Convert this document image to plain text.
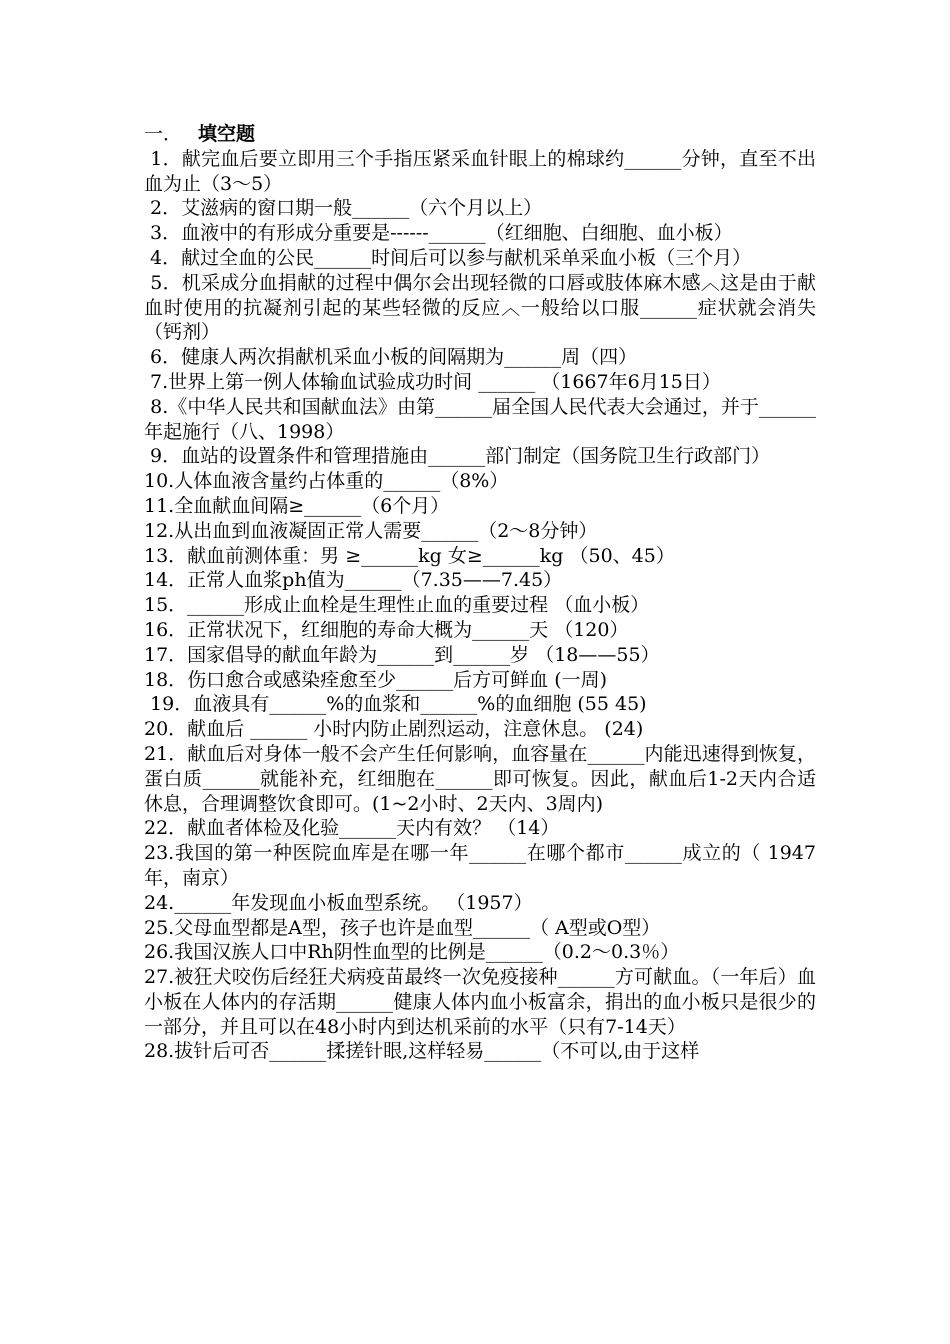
一． 填空题

1．献完血后要立即用三个手指压紧采血针眼上的棉球约______分钟，直至不出血为止（3～5）

2．艾滋病的窗口期一般______（六个月以上）

3．血液中的有形成分重要是------______（红细胞、白细胞、血小板）

4．献过全血的公民______时间后可以参与献机采单采血小板（三个月）

5．机采成分血捐献的过程中偶尔会出现轻微的口唇或肢体麻木感︿这是由于献血时使用的抗凝剂引起的某些轻微的反应︿一般给以口服______症状就会消失（钙剂）

6．健康人两次捐献机采血小板的间隔期为______周（四）

7.世界上第一例人体输血试验成功时间 ______ （1667年6月15日）

8.《中华人民共和国献血法》由第______届全国人民代表大会通过，并于______年起施行（八、1998）

9．血站的设置条件和管理措施由______部门制定（国务院卫生行政部门）

10.人体血液含量约占体重的______（8%）

11.全血献血间隔≥______（6个月）

12.从出血到血液凝固正常人需要______（2～8分钟）

13．献血前测体重：男 ≥______kg 女≥______kg （50、45）

14．正常人血浆ph值为______（7.35——7.45）

15．______形成止血栓是生理性止血的重要过程 （血小板）

16．正常状况下，红细胞的寿命大概为______天 （120）

17．国家倡导的献血年龄为______到______岁 （18——55）

18．伤口愈合或感染痊愈至少______后方可鲜血 (一周)

19．血液具有______%的血浆和______%的血细胞 (55 45)

20．献血后 ______ 小时内防止剧烈运动，注意休息。 (24)

21．献血后对身体一般不会产生任何影响，血容量在______内能迅速得到恢复，蛋白质______就能补充，红细胞在______即可恢复。因此，献血后1-2天内合适休息，合理调整饮食即可。(1~2小时、2天内、3周内)

22．献血者体检及化验______天内有效？ （14）

23.我国的第一种医院血库是在哪一年______在哪个都市______成立的（ 1947年，南京）

24.______年发现血小板血型系统。 （1957）

25.父母血型都是A型，孩子也许是血型______（ A型或O型）

26.我国汉族人口中Rh阴性血型的比例是______（0.2～0.3％）

27.被狂犬咬伤后经狂犬病疫苗最终一次免疫接种______方可献血。（一年后）血小板在人体内的存活期______健康人体内血小板富余，捐出的血小板只是很少的一部分，并且可以在48小时内到达机采前的水平（只有7-14天）

28.拔针后可否______揉搓针眼,这样轻易______（不可以,由于这样
